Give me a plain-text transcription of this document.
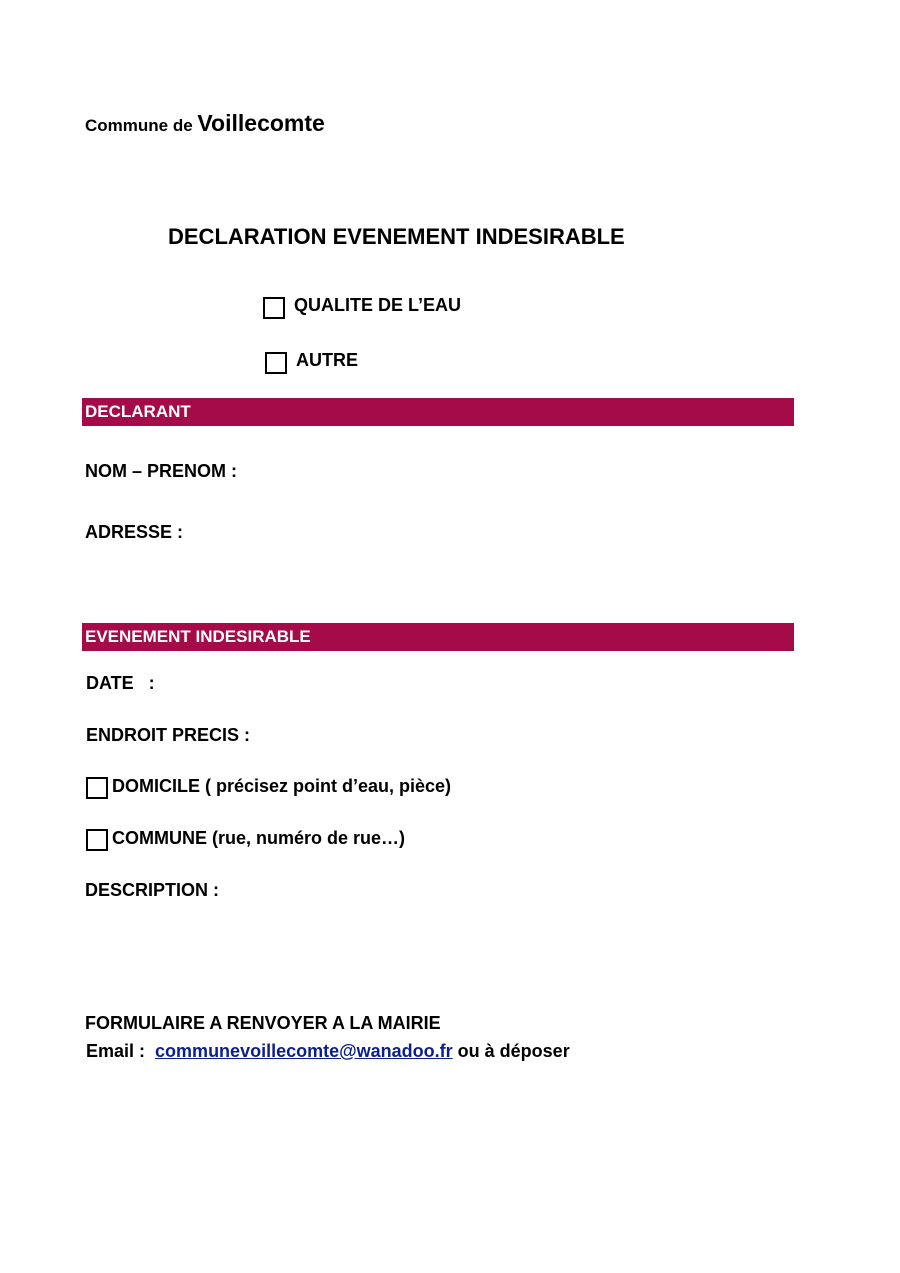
Commune de Voillecomte
DECLARATION EVENEMENT INDESIRABLE
QUALITE DE L’EAU
AUTRE
DECLARANT
NOM – PRENOM :
ADRESSE :
EVENEMENT INDESIRABLE
DATE   :
ENDROIT PRECIS :
DOMICILE ( précisez point d’eau, pièce)
COMMUNE (rue, numéro de rue…)
DESCRIPTION :
FORMULAIRE A RENVOYER A LA MAIRIE
Email : communevoillecomte@wanadoo.fr ou à déposer
